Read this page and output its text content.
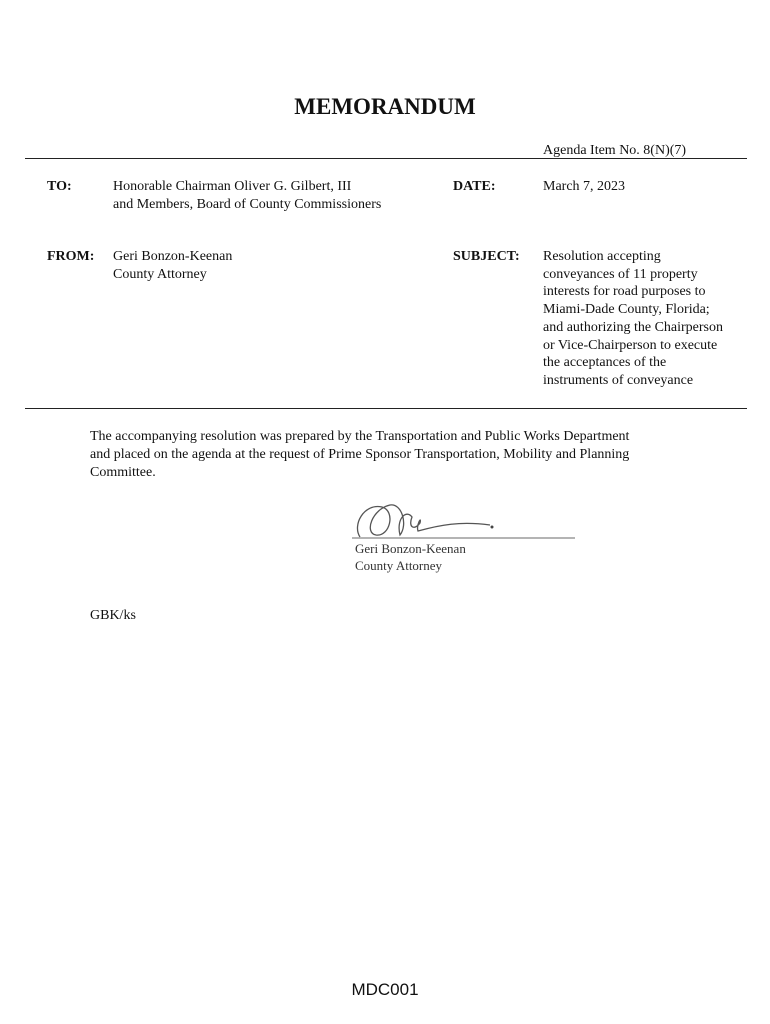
MEMORANDUM
Agenda Item No. 8(N)(7)
TO:	Honorable Chairman Oliver G. Gilbert, III
and Members, Board of County Commissioners
DATE:	March 7, 2023
FROM: Geri Bonzon-Keenan
County Attorney
SUBJECT: Resolution accepting
conveyances of 11 property
interests for road purposes to
Miami-Dade County, Florida;
and authorizing the Chairperson
or Vice-Chairperson to execute
the acceptances of the
instruments of conveyance
The accompanying resolution was prepared by the Transportation and Public Works Department
and placed on the agenda at the request of Prime Sponsor Transportation, Mobility and Planning
Committee.
Geri Bonzon-Keenan
County Attorney
GBK/ks
MDC001
